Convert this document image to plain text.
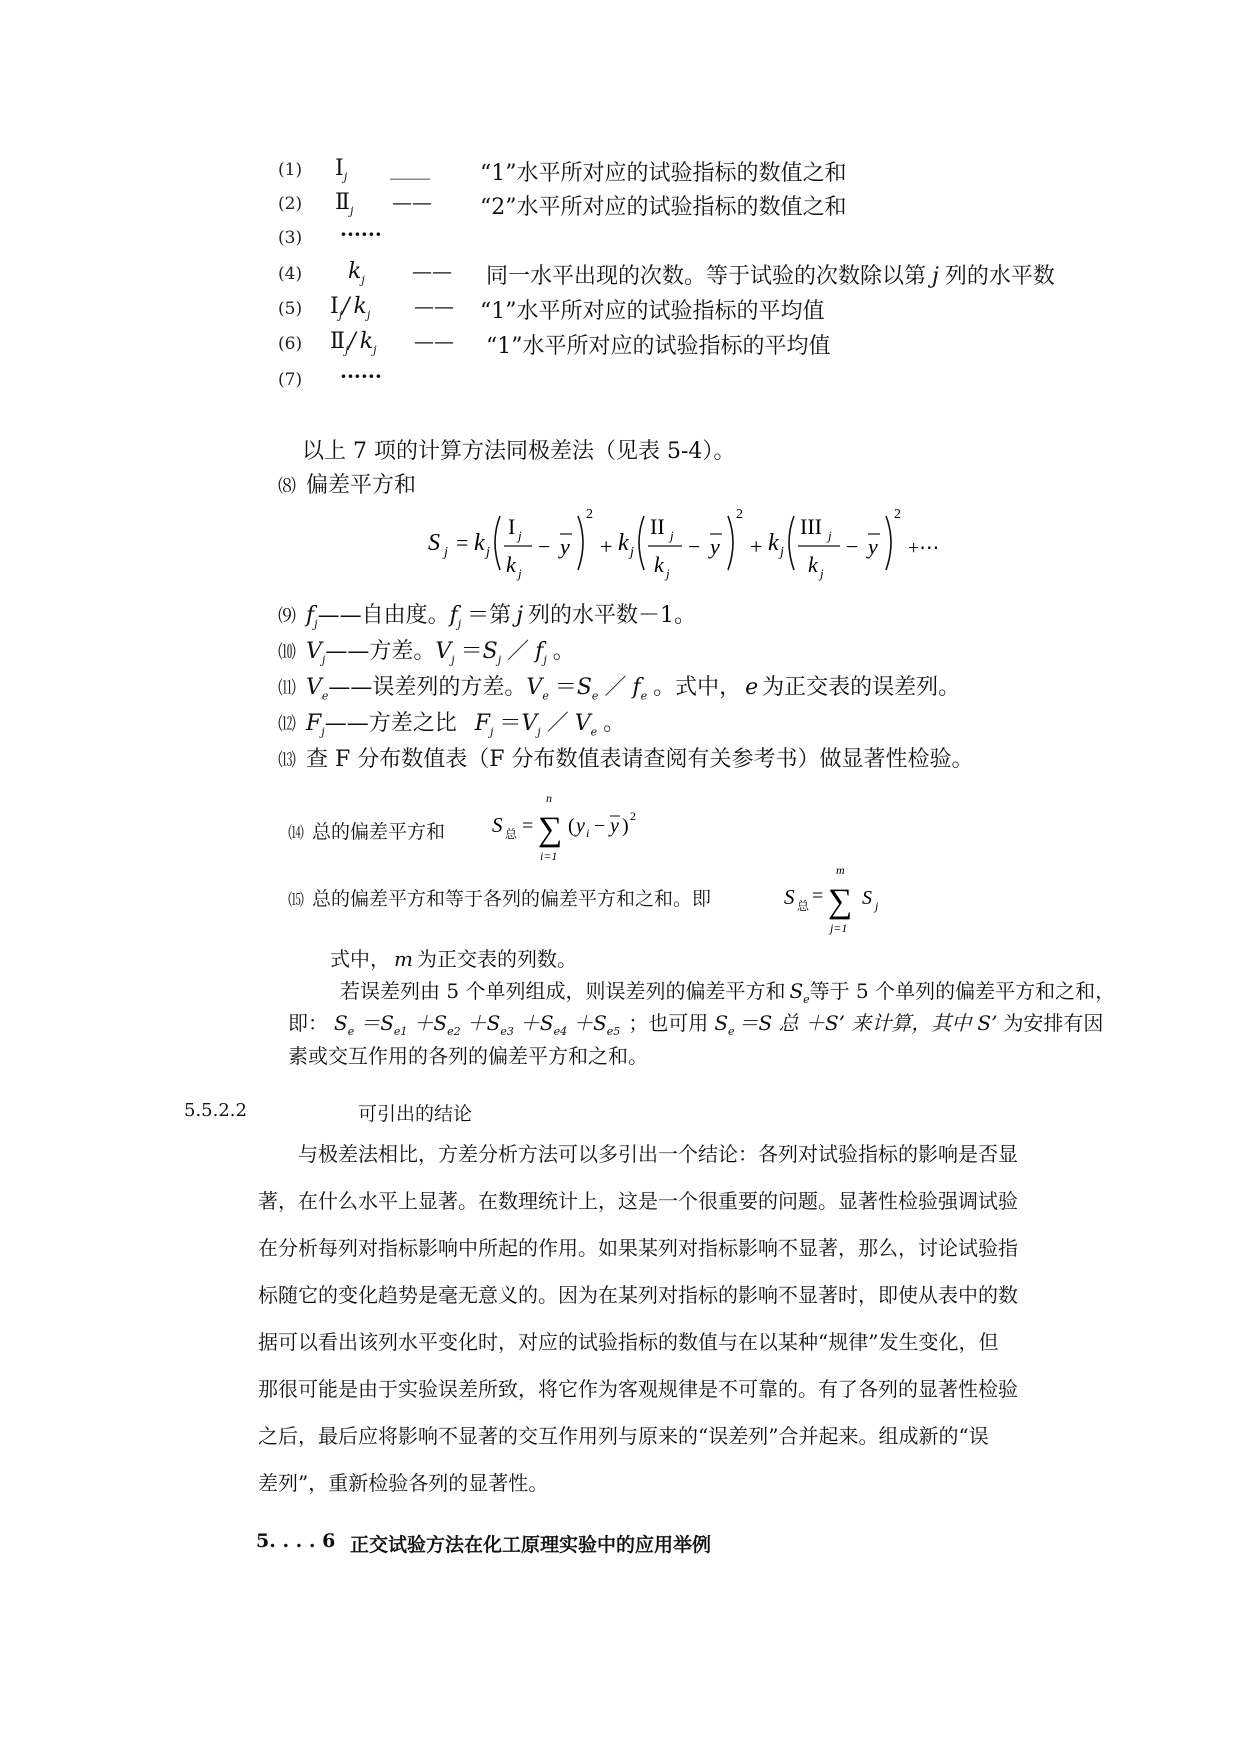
(1) $Ⅰ_j$ ____ “1”水平所对应的试验指标的数值之和
(2) $Ⅱ_j$ —— “2”水平所对应的试验指标的数值之和
(3) ······
(4) $k_j$ —— 同一水平出现的次数。等于试验的次数除以第 j 列的水平数
(5) $Ⅰ_j/$ $k_j$ —— “1”水平所对应的试验指标的平均值
(6) $Ⅱ_j/$ $k_j$ —— “1”水平所对应的试验指标的平均值
(7) ······
以上 7 项的计算方法同极差法（见表 5-4）。
⑻ 偏差平方和
S j = k j
I j
k j
− y
2
+ k j
II j
k j
− y
2
+ k j
III j
k j
− y
2
+⋯
⑼ $f_j——$自由度。$f_j$ ＝第 j 列的水平数－1。
⑽ $V_j——$方差。$V_j =S_j$ ／ $f_j$ 。
⑾ $V_e——$误差列的方差。$V_e =S_e$ ／ $f_e$ 。式中， e 为正交表的误差列。
⑿ $F_j——$方差之比 $F_j =V_j$ ／ $V_e$ 。
⒀ 查 F 分布数值表（F 分布数值表请查阅有关参考书）做显著性检验。
⒁ 总的偏差平方和 S 总 =
n
∑
i=1
( y i − y ) 2
⒂ 总的偏差平方和等于各列的偏差平方和之和。即	S 总 =
m
∑
j=1
S j
式中， m 为正交表的列数。
若误差列由 5 个单列组成，则误差列的偏差平方和 $S_e$等于 5 个单列的偏差平方和之和，
即： $S_e =S_{e1} +S_{e2} +S_{e3} +S_{e4} +S_{e5}$ ；也可用 $S_e =S$ 总 ＋S’ 来计算，其中 S’ 为安排有因
素或交互作用的各列的偏差平方和之和。
5.5.2.2	可引出的结论

与极差法相比，方差分析方法可以多引出一个结论：各列对试验指标的影响是否显

著，在什么水平上显著。在数理统计上，这是一个很重要的问题。显著性检验强调试验

在分析每列对指标影响中所起的作用。如果某列对指标影响不显著，那么，讨论试验指

标随它的变化趋势是毫无意义的。因为在某列对指标的影响不显著时，即使从表中的数

据可以看出该列水平变化时，对应的试验指标的数值与在以某种“规律”发生变化，但

那很可能是由于实验误差所致，将它作为客观规律是不可靠的。有了各列的显著性检验

之后，最后应将影响不显著的交互作用列与原来的“误差列”合并起来。组成新的“误

差列”，重新检验各列的显著性。

5. . . . 6 正交试验方法在化工原理实验中的应用举例
